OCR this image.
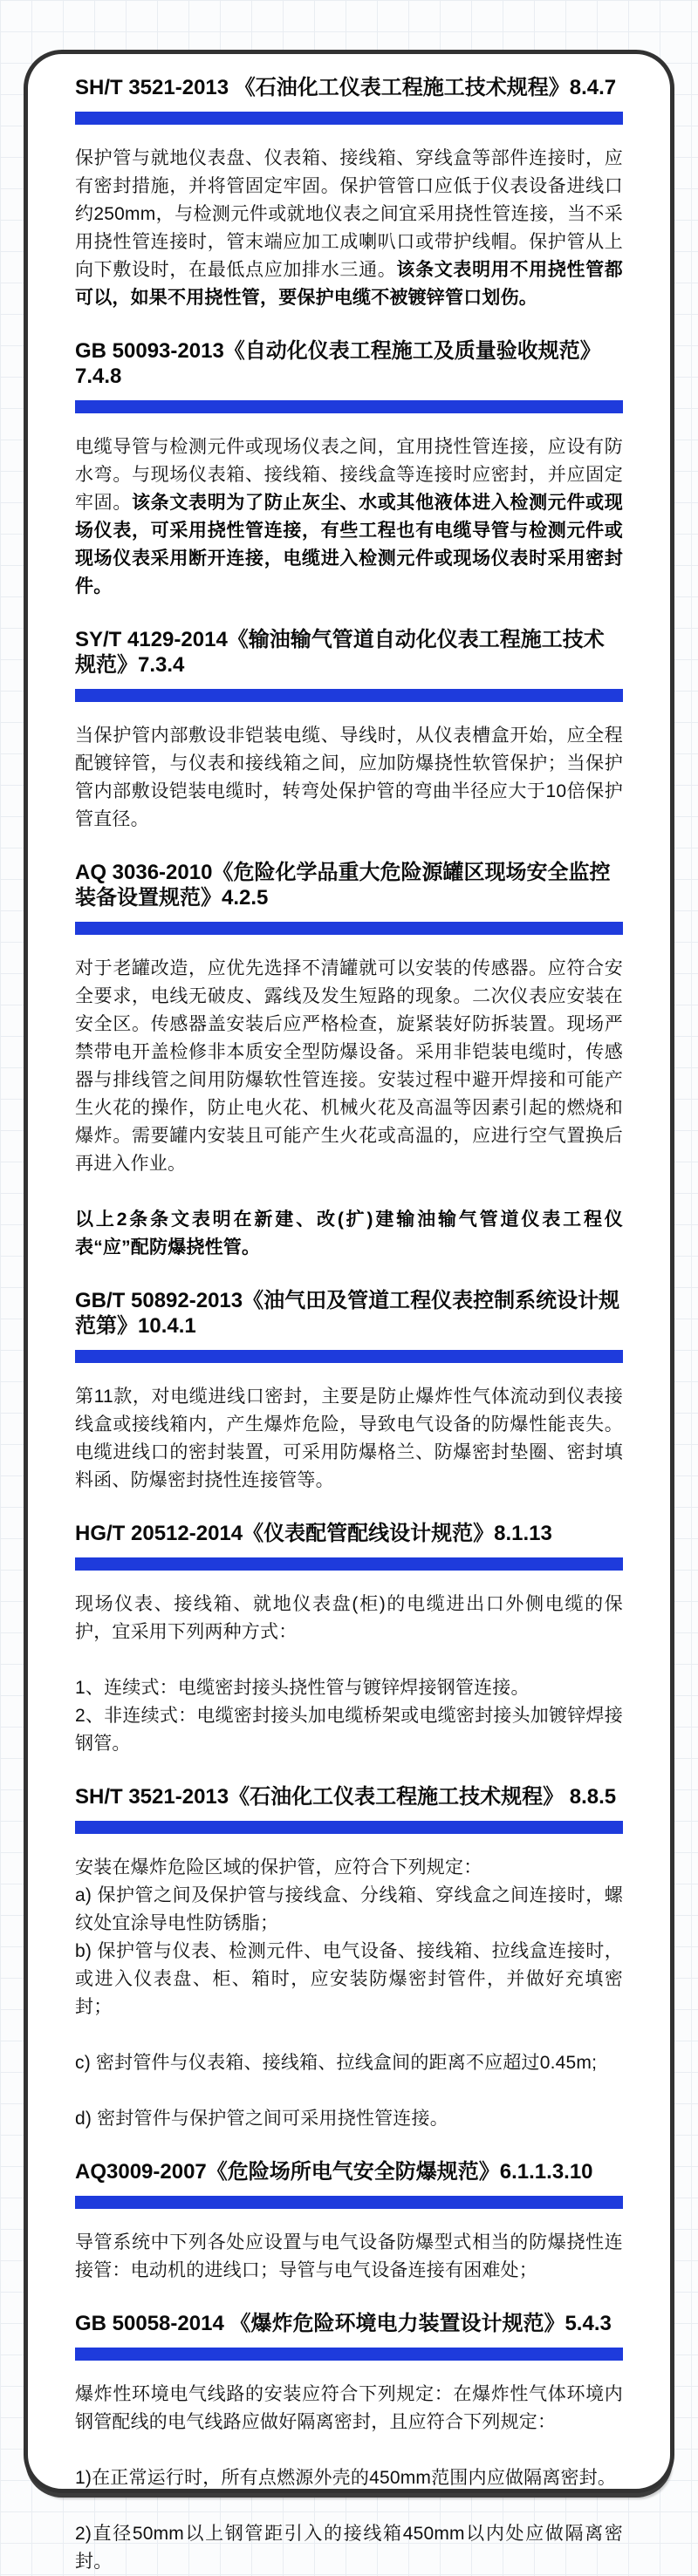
SH/T 3521-2013 《石油化工仪表工程施工技术规程》8.4.7

保护管与就地仪表盘、仪表箱、接线箱、穿线盒等部件连接时，应有密封措施，并将管固定牢固。保护管管口应低于仪表设备进线口约250mm，与检测元件或就地仪表之间宜采用挠性管连接，当不采用挠性管连接时，管末端应加工成喇叭口或带护线帽。保护管从上向下敷设时，在最低点应加排水三通。该条文表明用不用挠性管都可以，如果不用挠性管，要保护电缆不被镀锌管口划伤。

GB 50093-2013《自动化仪表工程施工及质量验收规范》7.4.8

电缆导管与检测元件或现场仪表之间，宜用挠性管连接，应设有防水弯。与现场仪表箱、接线箱、接线盒等连接时应密封，并应固定牢固。该条文表明为了防止灰尘、水或其他液体进入检测元件或现场仪表，可采用挠性管连接，有些工程也有电缆导管与检测元件或现场仪表采用断开连接，电缆进入检测元件或现场仪表时采用密封件。

SY/T 4129-2014《输油输气管道自动化仪表工程施工技术规范》7.3.4

当保护管内部敷设非铠装电缆、导线时，从仪表槽盒开始，应全程配镀锌管，与仪表和接线箱之间，应加防爆挠性软管保护；当保护管内部敷设铠装电缆时，转弯处保护管的弯曲半径应大于10倍保护管直径。

AQ 3036-2010《危险化学品重大危险源罐区现场安全监控装备设置规范》4.2.5

对于老罐改造，应优先选择不清罐就可以安装的传感器。应符合安全要求，电线无破皮、露线及发生短路的现象。二次仪表应安装在安全区。传感器盖安装后应严格检查，旋紧装好防拆装置。现场严禁带电开盖检修非本质安全型防爆设备。采用非铠装电缆时，传感器与排线管之间用防爆软性管连接。安装过程中避开焊接和可能产生火花的操作，防止电火花、机械火花及高温等因素引起的燃烧和爆炸。需要罐内安装且可能产生火花或高温的，应进行空气置换后再进入作业。

以上2条条文表明在新建、改(扩)建输油输气管道仪表工程仪表“应”配防爆挠性管。

GB/T 50892-2013《油气田及管道工程仪表控制系统设计规范第》10.4.1

第11款，对电缆进线口密封，主要是防止爆炸性气体流动到仪表接线盒或接线箱内，产生爆炸危险，导致电气设备的防爆性能丧失。电缆进线口的密封装置，可采用防爆格兰、防爆密封垫圈、密封填料函、防爆密封挠性连接管等。

HG/T 20512-2014《仪表配管配线设计规范》8.1.13

现场仪表、接线箱、就地仪表盘(柜)的电缆进出口外侧电缆的保护，宜采用下列两种方式：

1、连续式：电缆密封接头挠性管与镀锌焊接钢管连接。

2、非连续式：电缆密封接头加电缆桥架或电缆密封接头加镀锌焊接钢管。

SH/T 3521-2013《石油化工仪表工程施工技术规程》 8.8.5

安装在爆炸危险区域的保护管，应符合下列规定：

a) 保护管之间及保护管与接线盒、分线箱、穿线盒之间连接时，螺纹处宜涂导电性防锈脂；

b) 保护管与仪表、检测元件、电气设备、接线箱、拉线盒连接时，或进入仪表盘、柜、箱时，应安装防爆密封管件，并做好充填密封；

c) 密封管件与仪表箱、接线箱、拉线盒间的距离不应超过0.45m;

d) 密封管件与保护管之间可采用挠性管连接。

AQ3009-2007《危险场所电气安全防爆规范》6.1.1.3.10

导管系统中下列各处应设置与电气设备防爆型式相当的防爆挠性连接管：电动机的进线口；导管与电气设备连接有困难处；

GB 50058-2014 《爆炸危险环境电力装置设计规范》5.4.3

爆炸性环境电气线路的安装应符合下列规定：在爆炸性气体环境内钢管配线的电气线路应做好隔离密封，且应符合下列规定：

1)在正常运行时，所有点燃源外壳的450mm范围内应做隔离密封。

2)直径50mm以上钢管距引入的接线箱450mm以内处应做隔离密封。
